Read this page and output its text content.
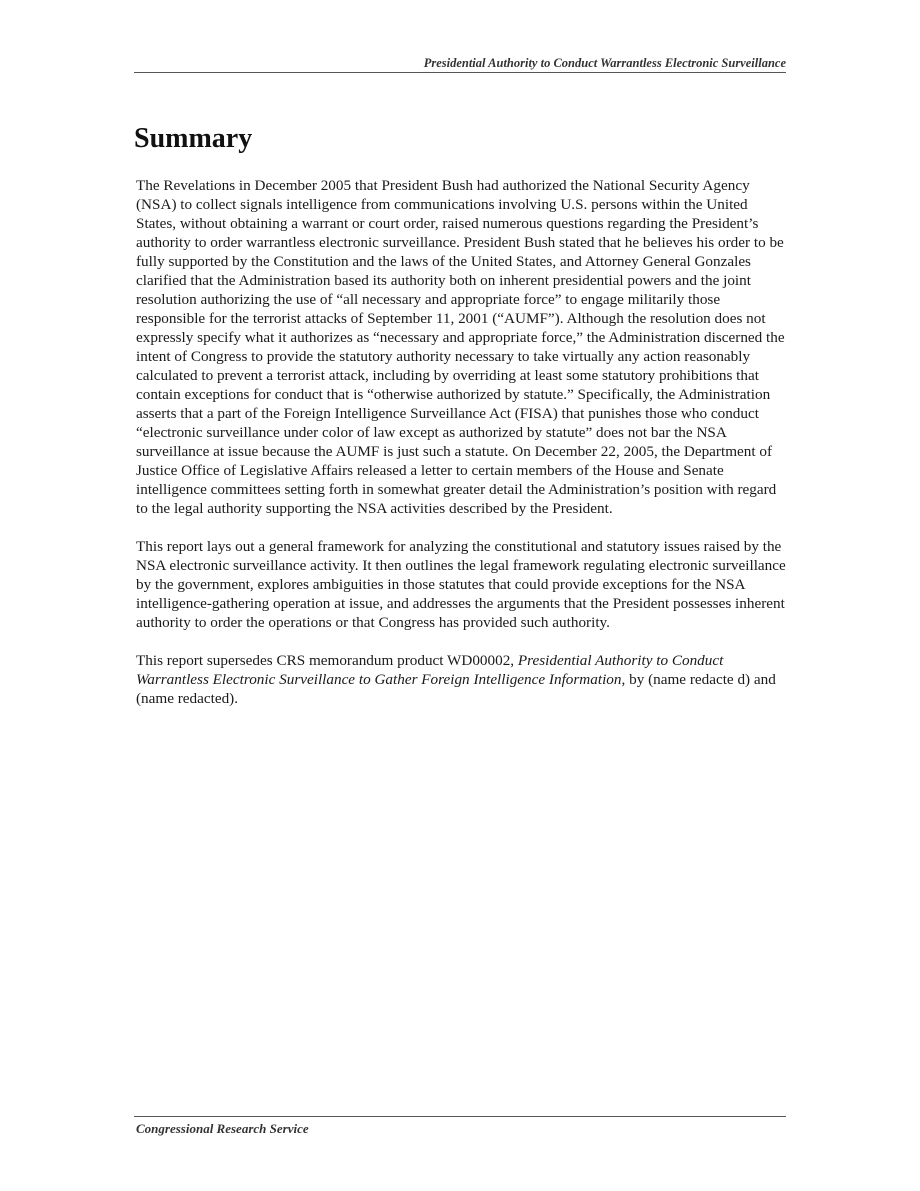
Presidential Authority to Conduct Warrantless Electronic Surveillance
Summary

The Revelations in December 2005 that President Bush had authorized the National Security Agency (NSA) to collect signals intelligence from communications involving U.S. persons within the United States, without obtaining a warrant or court order, raised numerous questions regarding the President’s authority to order warrantless electronic surveillance. President Bush stated that he believes his order to be fully supported by the Constitution and the laws of the United States, and Attorney General Gonzales clarified that the Administration based its authority both on inherent presidential powers and the joint resolution authorizing the use of “all necessary and appropriate force” to engage militarily those responsible for the terrorist attacks of September 11, 2001 (“AUMF”). Although the resolution does not expressly specify what it authorizes as “necessary and appropriate force,” the Administration discerned the intent of Congress to provide the statutory authority necessary to take virtually any action reasonably calculated to prevent a terrorist attack, including by overriding at least some statutory prohibitions that contain exceptions for conduct that is “otherwise authorized by statute.” Specifically, the Administration asserts that a part of the Foreign Intelligence Surveillance Act (FISA) that punishes those who conduct “electronic surveillance under color of law except as authorized by statute” does not bar the NSA surveillance at issue because the AUMF is just such a statute. On December 22, 2005, the Department of Justice Office of Legislative Affairs released a letter to certain members of the House and Senate intelligence committees setting forth in somewhat greater detail the Administration’s position with regard to the legal authority supporting the NSA activities described by the President.

This report lays out a general framework for analyzing the constitutional and statutory issues raised by the NSA electronic surveillance activity. It then outlines the legal framework regulating electronic surveillance by the government, explores ambiguities in those statutes that could provide exceptions for the NSA intelligence-gathering operation at issue, and addresses the arguments that the President possesses inherent authority to order the operations or that Congress has provided such authority.

This report supersedes CRS memorandum product WD00002, Presidential Authority to Conduct Warrantless Electronic Surveillance to Gather Foreign Intelligence Information, by (name redacte d) and (name redacted).

Congressional Research Service
